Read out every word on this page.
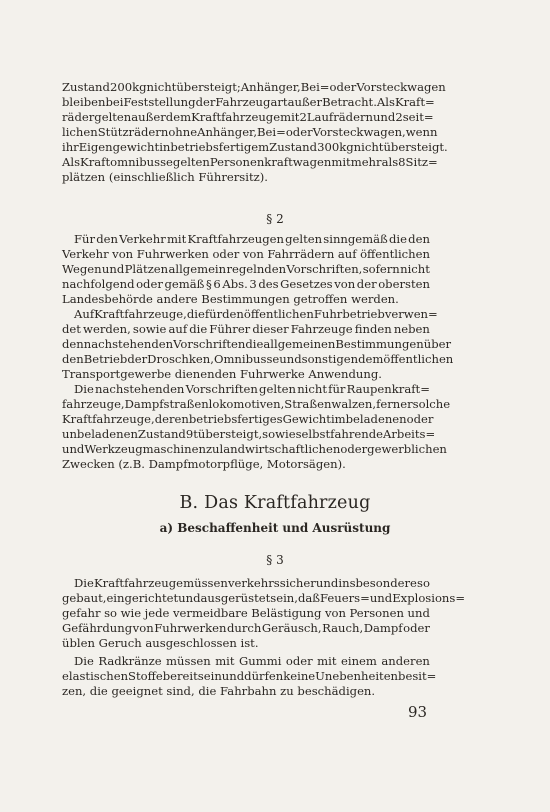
Zustand 200 kg nicht übersteigt; Anhänger, Bei= oder Vorsteckwagen
bleiben bei Feststellung der Fahrzeugart außer Betracht. Als Kraft=
räder gelten außerdem Kraftfahrzeuge mit 2 Laufrädern und 2 seit=
lichen Stützrädern ohne Anhänger, Bei= oder Vorsteckwagen, wenn
ihr Eigengewicht in betriebsfertigem Zustand 300 kg nicht übersteigt.
Als Kraftomnibusse gelten Personenkraftwagen mit mehr als 8 Sitz=
plätzen (einschließlich Führersitz).
§ 2
Für den Verkehr mit Kraftfahrzeugen gelten sinngemäß die den
Verkehr von Fuhrwerken oder von Fahrrädern auf öffentlichen
Wegen und Plätzen allgemein regelnden Vorschriften, sofern nicht
nachfolgend oder gemäß § 6 Abs. 3 des Gesetzes von der obersten
Landesbehörde andere Bestimmungen getroffen werden.
Auf Kraftfahrzeuge, die für den öffentlichen Fuhrbetrieb verwen=
det werden, sowie auf die Führer dieser Fahrzeuge finden neben
den nachstehenden Vorschriften die allgemeinen Bestimmungen über
den Betrieb der Droschken, Omnibusse und sonstigen demöffentlichen
Transportgewerbe dienenden Fuhrwerke Anwendung.
Die nachstehenden Vorschriften gelten nicht für Raupenkraft=
fahrzeuge, Dampfstraßenlokomotiven, Straßenwalzen, ferner solche
Kraftfahrzeuge, deren betriebsfertiges Gewicht im beladenen oder
unbeladenen Zustand 9 t übersteigt, sowie selbstfahrende Arbeits=
und Werkzeugmaschinen zu landwirtschaftlichen oder gewerblichen
Zwecken (z.B. Dampfmotorpflüge, Motorsägen).
B. Das Kraftfahrzeug
a) Beschaffenheit und Ausrüstung
§ 3
Die Kraftfahrzeuge müssen verkehrssicher und insbesondere so
gebaut, eingerichtet und ausgerüstet sein, daß Feuers= und Explosions=
gefahr so wie jede vermeidbare Belästigung von Personen und
Gefährdung von Fuhrwerken durch Geräusch, Rauch, Dampf oder
üblen Geruch ausgeschlossen ist.
Die Radkränze müssen mit Gummi oder mit einem anderen
elastischen Stoffe bereit sein und dürfen keine Unebenheiten besit=
zen, die geeignet sind, die Fahrbahn zu beschädigen.
93
